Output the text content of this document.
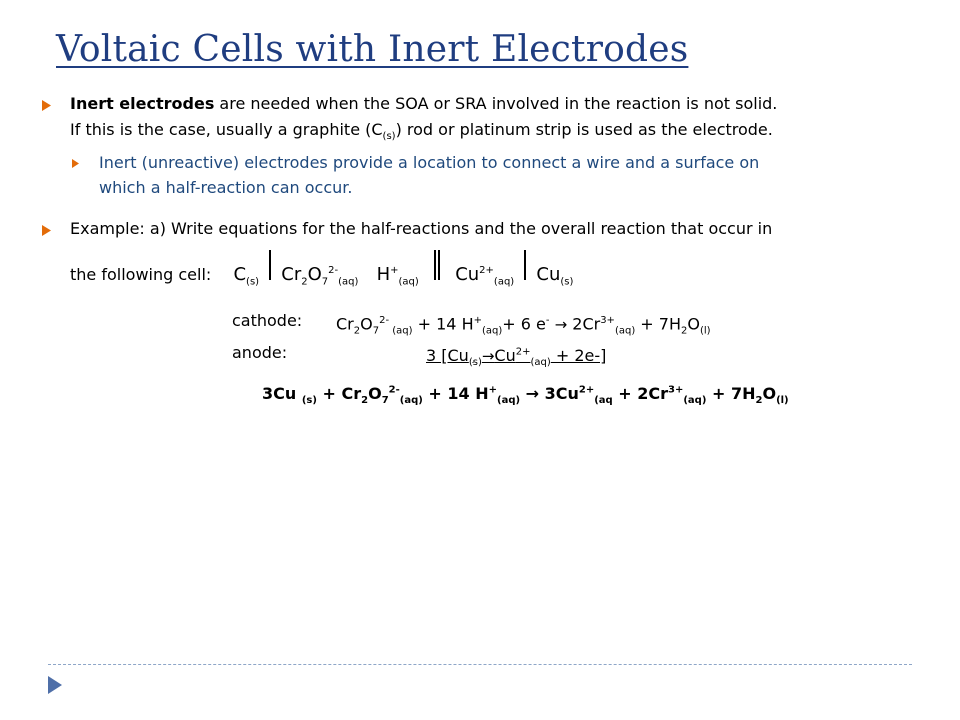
Voltaic Cells with Inert Electrodes
Inert electrodes are needed when the SOA or SRA involved in the reaction is not solid.
If this is the case, usually a graphite $(C_{(s)})$ rod or platinum strip is used as the electrode.
Inert (unreactive) electrodes provide a location to connect a wire and a surface on
which a half-reaction can occur.
Example: a) Write equations for the half-reactions and the overall reaction that occur in
the following cell: $C_{(s)}$ $Cr_2O_7^{2-}_{(aq)}$ $H^+_{(aq)}$ $Cu^{2+}_{(aq)}$ $Cu_{(s)}$
cathode: $Cr_2O_7^{2-}$ $_{(aq)}$ + 14 $H^+_{(aq)}+ 6$ $e^- \to 2Cr^{3+}_{(aq)} + 7H_2O_{(l)}$
anode:	3 $[Cu_{(s)}\to Cu^{2+}_{(aq)} + 2e-]$
3Cu $_{(s)} + Cr_2O_7^{2-}_{(aq)} + 14$ $H^+_{(aq)} \to 3Cu^{2+}_{(aq} + 2Cr^{3+}_{(aq)} + 7H_2O_{(l)}$
